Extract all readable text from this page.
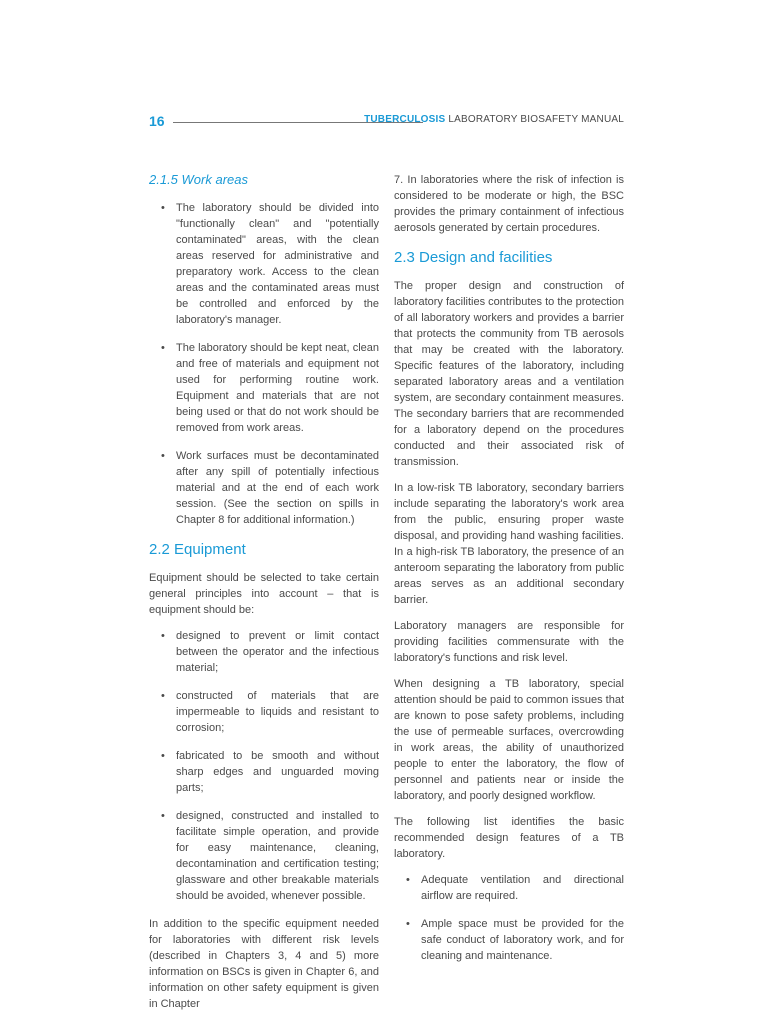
16	TUBERCULOSIS LABORATORY BIOSAFETY MANUAL
2.1.5 Work areas
•	The laboratory should be divided into "functionally clean" and "potentially contaminated" areas, with the clean areas reserved for administrative and preparatory work. Access to the clean areas and the contaminated areas must be controlled and enforced by the laboratory's manager.
•	The laboratory should be kept neat, clean and free of materials and equipment not used for performing routine work. Equipment and materials that are not being used or that do not work should be removed from work areas.
•	Work surfaces must be decontaminated after any spill of potentially infectious material and at the end of each work session. (See the section on spills in Chapter 8 for additional information.)
2.2 Equipment

Equipment should be selected to take certain general principles into account – that is equipment should be:

•	designed to prevent or limit contact between the operator and the infectious material;
•	constructed of materials that are impermeable to liquids and resistant to corrosion;
•	fabricated to be smooth and without sharp edges and unguarded moving parts;
•	designed, constructed and installed to facilitate simple operation, and provide for easy maintenance, cleaning, decontamination and certification testing; glassware and other breakable materials should be avoided, whenever possible.

In addition to the specific equipment needed for laboratories with different risk levels (described in Chapters 3, 4 and 5) more information on BSCs is given in Chapter 6, and information on other safety equipment is given in Chapter

7. In laboratories where the risk of infection is considered to be moderate or high, the BSC provides the primary containment of infectious aerosols generated by certain procedures.

2.3 Design and facilities

The proper design and construction of laboratory facilities contributes to the protection of all laboratory workers and provides a barrier that protects the community from TB aerosols that may be created with the laboratory. Specific features of the laboratory, including separated laboratory areas and a ventilation system, are secondary containment measures. The secondary barriers that are recommended for a laboratory depend on the procedures conducted and their associated risk of transmission.

In a low-risk TB laboratory, secondary barriers include separating the laboratory's work area from the public, ensuring proper waste disposal, and providing hand washing facilities. In a high-risk TB laboratory, the presence of an anteroom separating the laboratory from public areas serves as an additional secondary barrier.

Laboratory managers are responsible for providing facilities commensurate with the laboratory's functions and risk level.

When designing a TB laboratory, special attention should be paid to common issues that are known to pose safety problems, including the use of permeable surfaces, overcrowding in work areas, the ability of unauthorized people to enter the laboratory, the flow of personnel and patients near or inside the laboratory, and poorly designed workflow.

The following list identifies the basic recommended design features of a TB laboratory.

•	Adequate ventilation and directional airflow are required.
•	Ample space must be provided for the safe conduct of laboratory work, and for cleaning and maintenance.
